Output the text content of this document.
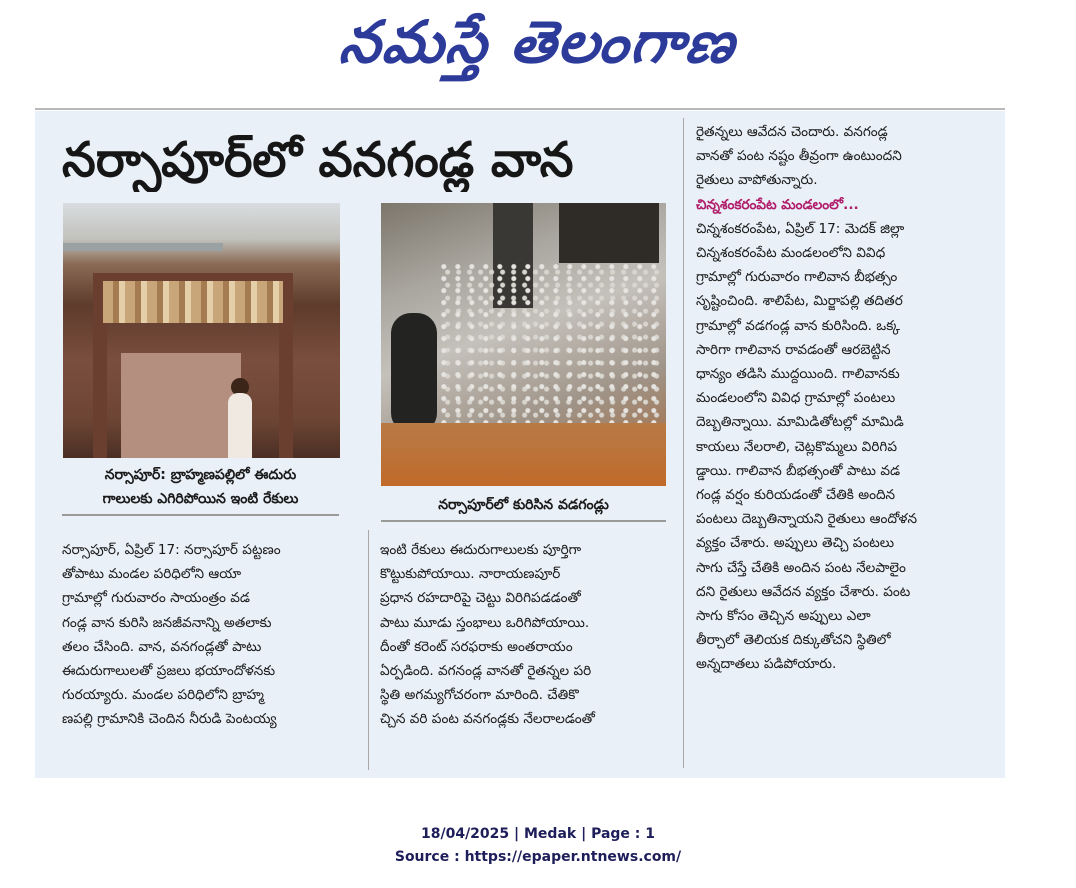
నమస్తే తెలంగాణ
నర్సాపూర్‌లో వనగండ్ల వాన
నర్సాపూర్‌: బ్రాహ్మణపల్లిలో ఈదురు
గాలులకు ఎగిరిపోయిన ఇంటి రేకులు	నర్సాపూర్‌లో కురిసిన వడగండ్లు
నర్సాపూర్‌, ఏప్రిల్‌ 17: నర్సాపూర్‌ పట్టణం
తోపాటు మండల పరిధిలోని ఆయా
గ్రామాల్లో గురువారం సాయంత్రం వడ
గండ్ల వాన కురిసి జనజీవనాన్ని అతలాకు
తలం చేసింది. వాన, వనగండ్లతో పాటు
ఈదురుగాలులతో ప్రజలు భయాందోళనకు
గురయ్యారు. మండల పరిధిలోని బ్రాహ్మ
ణపల్లి గ్రామానికి చెందిన నీరుడి పెంటయ్య
ఇంటి రేకులు ఈదురుగాలులకు పూర్తిగా
కొట్టుకుపోయాయి. నారాయణపూర్‌
ప్రధాన రహదారిపై చెట్టు విరిగిపడడంతో
పాటు మూడు స్తంభాలు ఒరిగిపోయాయి.
దీంతో కరెంట్‌ సరఫరాకు అంతరాయం
ఏర్పడింది. వగనండ్ల వానతో రైతన్నల పరి
స్థితి అగమ్యగోచరంగా మారింది. చేతికొ
చ్చిన వరి పంట వనగండ్లకు నేలరాలడంతో
రైతన్నలు ఆవేదన చెందారు. వనగండ్ల
వానతో పంట నష్టం తీవ్రంగా ఉంటుందని
రైతులు వాపోతున్నారు.
చిన్నశంకరంపేట మండలంలో...
చిన్నశంకరంపేట, ఏప్రిల్‌ 17: మెదక్‌ జిల్లా
చిన్నశంకరంపేట మండలంలోని వివిధ
గ్రామాల్లో గురువారం గాలివాన బీభత్సం
సృష్టించింది. శాలిపేట, మిర్జాపల్లి తదితర
గ్రామాల్లో వడగండ్ల వాన కురిసింది. ఒక్క
సారిగా గాలివాన రావడంతో ఆరబెట్టిన
ధాన్యం తడిసి ముద్దయింది. గాలివానకు
మండలంలోని వివిధ గ్రామాల్లో పంటలు
దెబ్బతిన్నాయి. మామిడితోటల్లో మామిడి
కాయలు నేలరాలి, చెట్లకొమ్మలు విరిగిప
డ్డాయి. గాలివాన బీభత్సంతో పాటు వడ
గండ్ల వర్షం కురియడంతో చేతికి అందిన
పంటలు దెబ్బతిన్నాయని రైతులు ఆందోళన
వ్యక్తం చేశారు. అప్పులు తెచ్చి పంటలు
సాగు చేస్తే చేతికి అందిన పంట నేలపాలైం
దని రైతులు ఆవేదన వ్యక్తం చేశారు. పంట
సాగు కోసం తెచ్చిన అప్పులు ఎలా
తీర్చాలో తెలియక దిక్కుతోచని స్థితిలో
అన్నదాతలు పడిపోయారు.
18/04/2025 | Medak | Page : 1
Source : https://epaper.ntnews.com/
